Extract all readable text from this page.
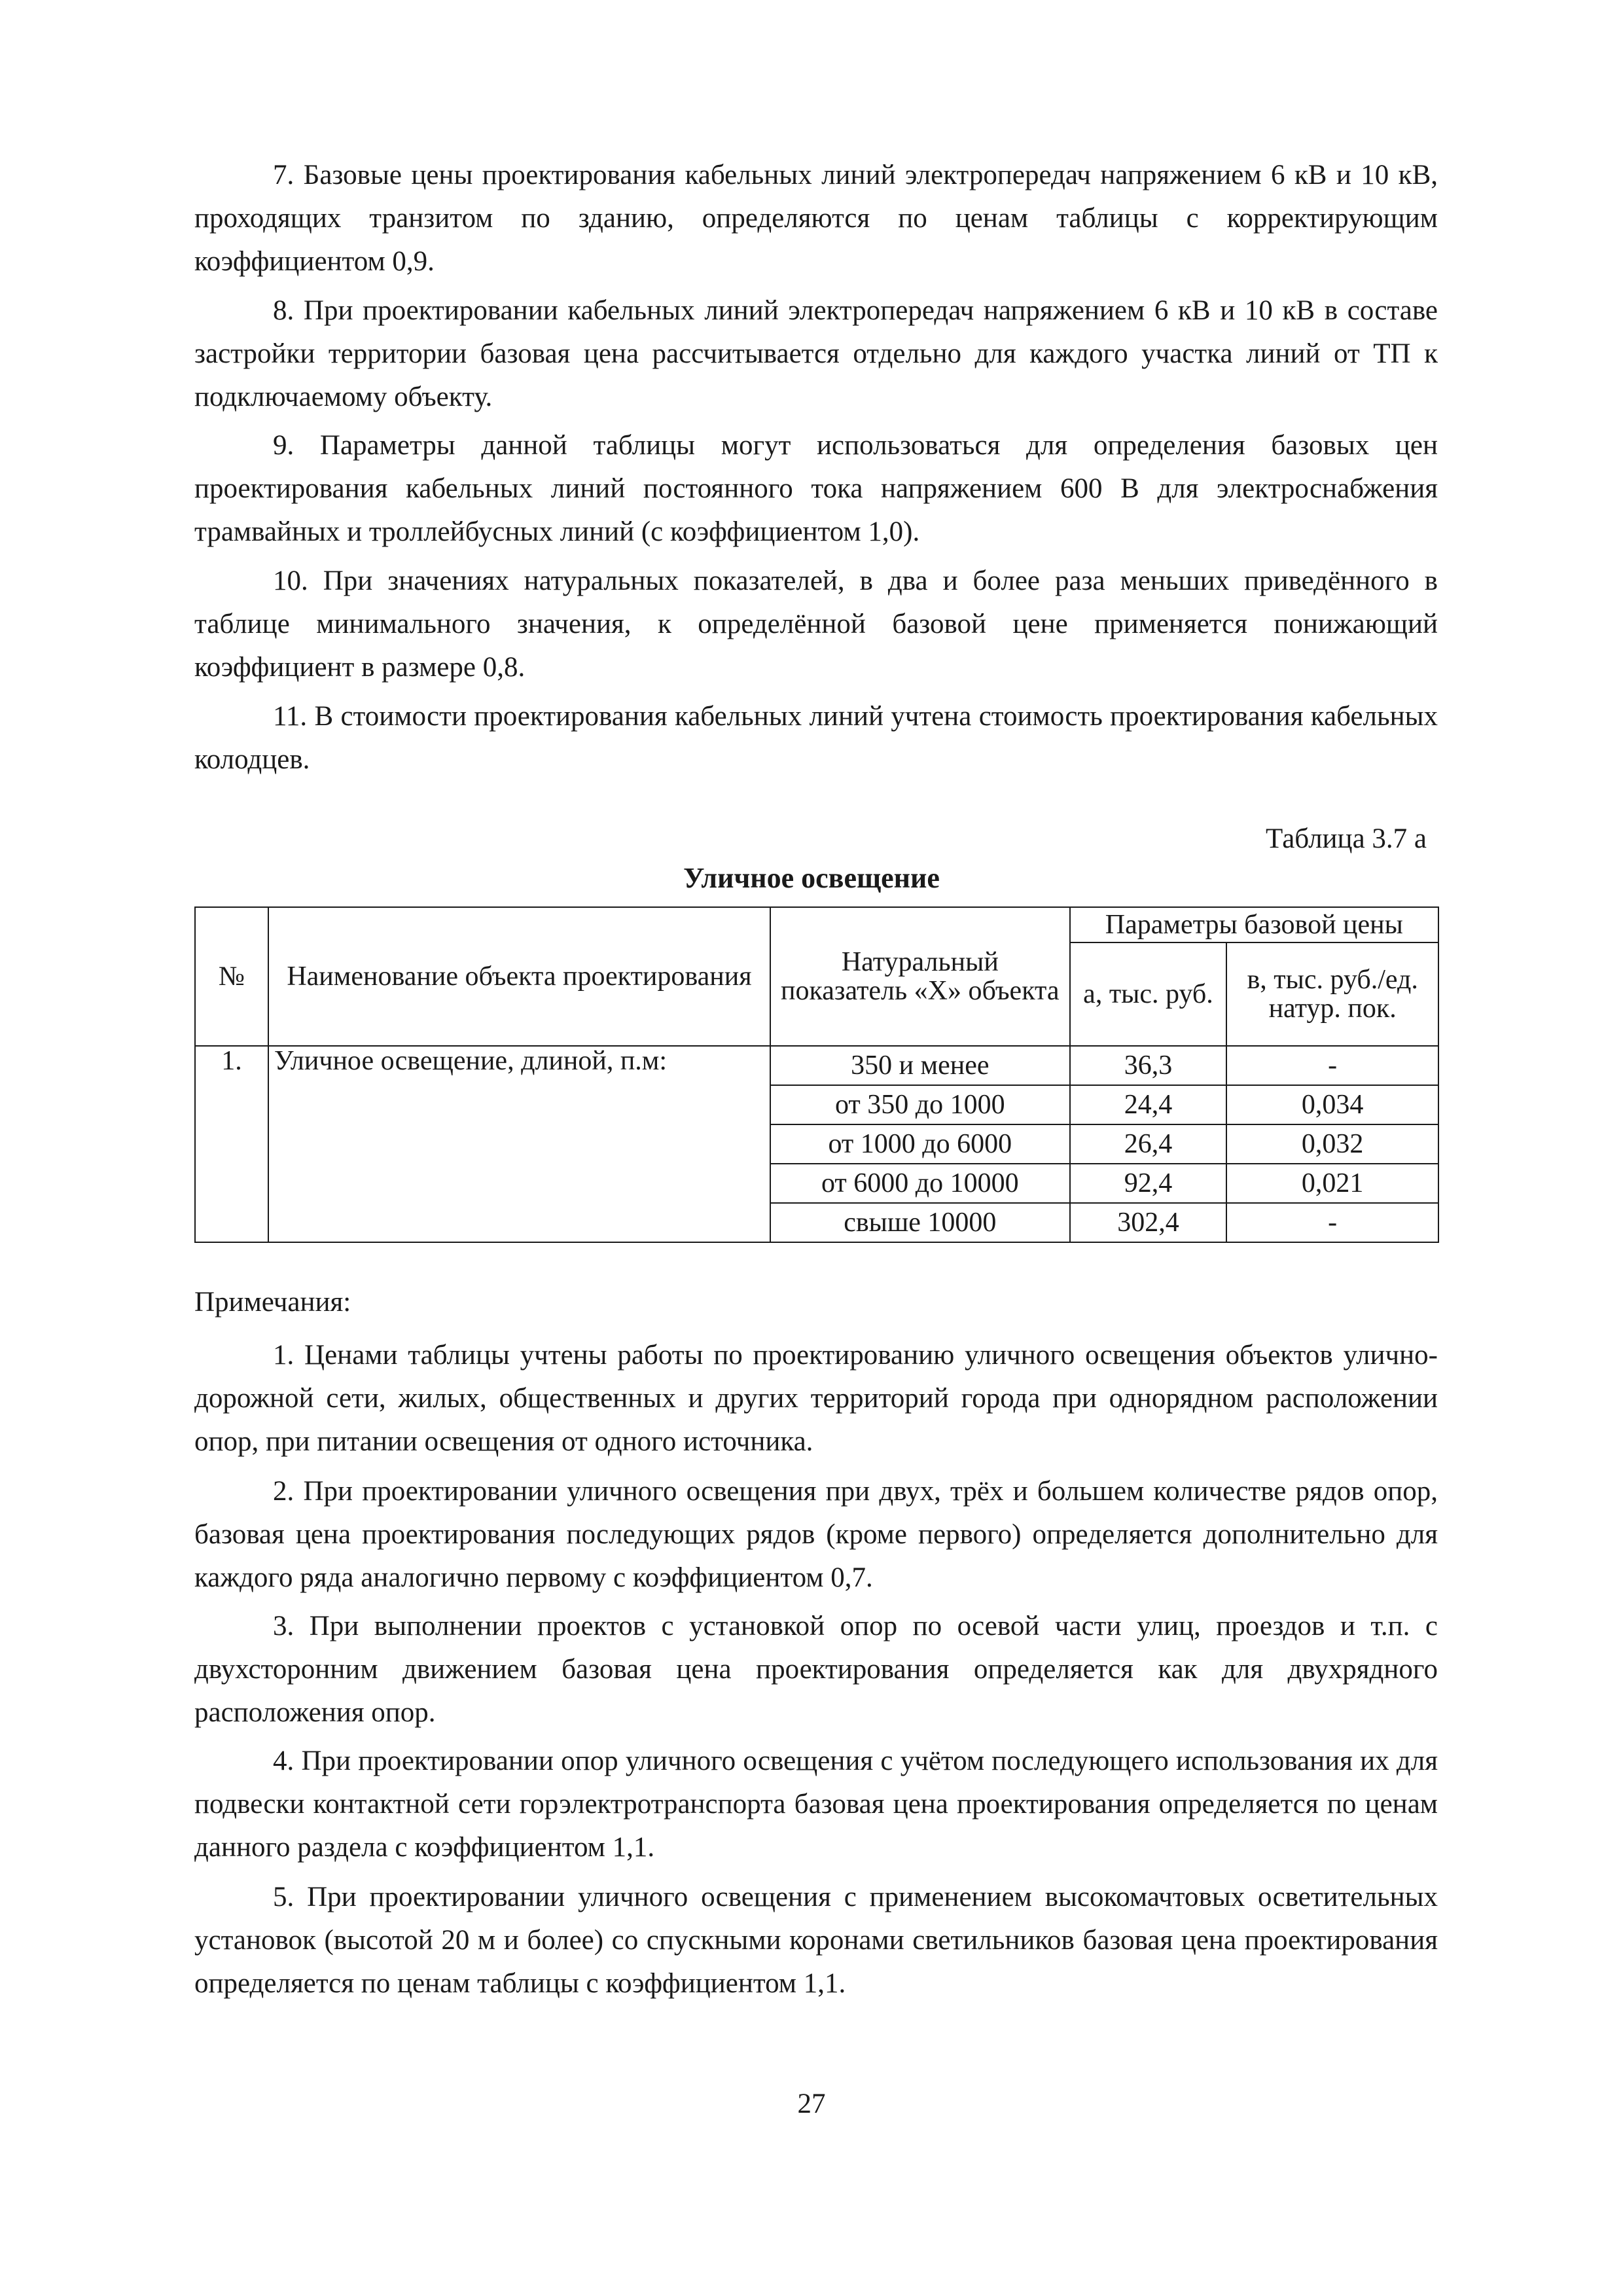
7. Базовые цены проектирования кабельных линий электропередач напряжением 6 кВ и 10 кВ, проходящих транзитом по зданию, определяются по ценам таблицы с корректирующим коэффициентом 0,9.
8. При проектировании кабельных линий электропередач напряжением 6 кВ и 10 кВ в составе застройки территории базовая цена рассчитывается отдельно для каждого участка линий от ТП к подключаемому объекту.
9. Параметры данной таблицы могут использоваться для определения базовых цен проектирования кабельных линий постоянного тока напряжением 600 В для электроснабжения трамвайных и троллейбусных линий (с коэффициентом 1,0).
10. При значениях натуральных показателей, в два и более раза меньших приведённого в таблице минимального значения, к определённой базовой цене применяется понижающий коэффициент в размере 0,8.
11. В стоимости проектирования кабельных линий учтена стоимость проектирования кабельных колодцев.
Таблица 3.7 а
Уличное освещение
№	Наименование объекта проектирования	Натуральный показатель «Х» объекта	Параметры базовой цены	
			а, тыс. руб.	в, тыс. руб./ед. натур. пок.
1.	Уличное освещение, длиной, п.м:	350 и менее	36,3	-
		от 350 до 1000	24,4	0,034
		от 1000 до 6000	26,4	0,032
		от 6000 до 10000	92,4	0,021
		свыше 10000	302,4	-
Примечания:
1. Ценами таблицы учтены работы по проектированию уличного освещения объектов улично-дорожной сети, жилых, общественных и других территорий города при однорядном расположении опор, при питании освещения от одного источника.
2. При проектировании уличного освещения при двух, трёх и большем количестве рядов опор, базовая цена проектирования последующих рядов (кроме первого) определяется дополнительно для каждого ряда аналогично первому с коэффициентом 0,7.
3. При выполнении проектов с установкой опор по осевой части улиц, проездов и т.п. с двухсторонним движением базовая цена проектирования определяется как для двухрядного расположения опор.
4. При проектировании опор уличного освещения с учётом последующего использования их для подвески контактной сети горэлектротранспорта базовая цена проектирования определяется по ценам данного раздела с коэффициентом 1,1.
5. При проектировании уличного освещения с применением высокомачтовых осветительных установок (высотой 20 м и более) со спускными коронами светильников базовая цена проектирования определяется по ценам таблицы с коэффициентом 1,1.
27
